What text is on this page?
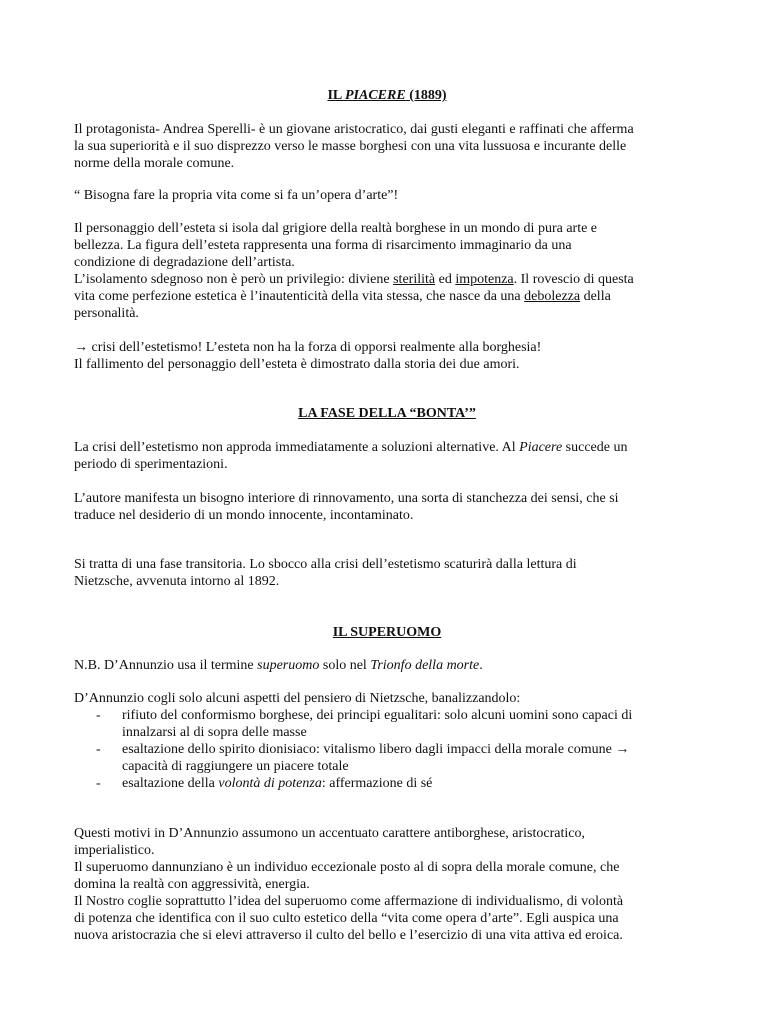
IL PIACERE (1889)
Il protagonista- Andrea Sperelli- è un giovane aristocratico, dai gusti eleganti e raffinati che afferma
la sua superiorità e il suo disprezzo verso le masse borghesi con una vita lussuosa e incurante delle
norme della morale comune.
“ Bisogna fare la propria vita come si fa un’opera d’arte”!
Il personaggio dell’esteta si isola dal grigiore della realtà borghese in un mondo di pura arte e
bellezza. La figura dell’esteta rappresenta una forma di risarcimento immaginario da una
condizione di degradazione dell’artista.
L’isolamento sdegnoso non è però un privilegio: diviene sterilità ed impotenza. Il rovescio di questa
vita come perfezione estetica è l’inautenticità della vita stessa, che nasce da una debolezza della
personalità.
→ crisi dell’estetismo! L’esteta non ha la forza di opporsi realmente alla borghesia!
Il fallimento del personaggio dell’esteta è dimostrato dalla storia dei due amori.
LA FASE DELLA “BONTA’”
La crisi dell’estetismo non approda immediatamente a soluzioni alternative. Al Piacere succede un
periodo di sperimentazioni.
L’autore manifesta un bisogno interiore di rinnovamento, una sorta di stanchezza dei sensi, che si
traduce nel desiderio di un mondo innocente, incontaminato.
Si tratta di una fase transitoria. Lo sbocco alla crisi dell’estetismo scaturirà dalla lettura di
Nietzsche, avvenuta intorno al 1892.
IL SUPERUOMO
N.B. D’Annunzio usa il termine superuomo solo nel Trionfo della morte.
D’Annunzio cogli solo alcuni aspetti del pensiero di Nietzsche, banalizzandolo:
- rifiuto del conformismo borghese, dei principi egualitari: solo alcuni uomini sono capaci di
innalzarsi al di sopra delle masse
- esaltazione dello spirito dionisiaco: vitalismo libero dagli impacci della morale comune →
capacità di raggiungere un piacere totale
- esaltazione della volontà di potenza: affermazione di sé
Questi motivi in D’Annunzio assumono un accentuato carattere antiborghese, aristocratico,
imperialistico.
Il superuomo dannunziano è un individuo eccezionale posto al di sopra della morale comune, che
domina la realtà con aggressività, energia.
Il Nostro coglie soprattutto l’idea del superuomo come affermazione di individualismo, di volontà
di potenza che identifica con il suo culto estetico della “vita come opera d’arte”. Egli auspica una
nuova aristocrazia che si elevi attraverso il culto del bello e l’esercizio di una vita attiva ed eroica.
